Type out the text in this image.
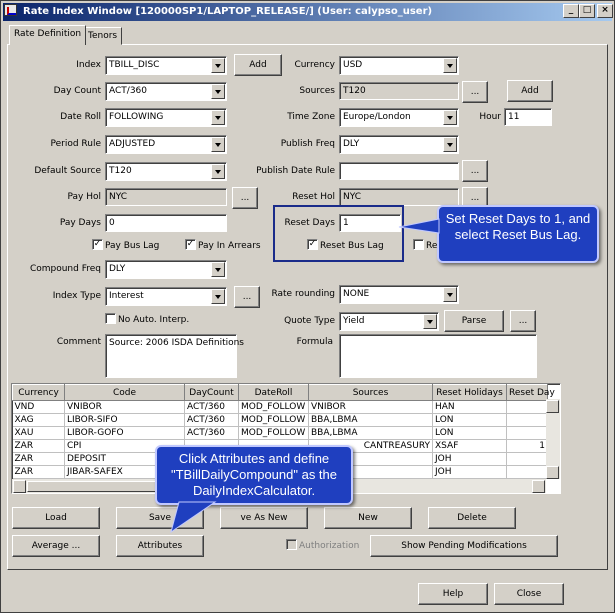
Rate Index Window [120000SP1/LAPTOP_RELEASE/] (User: calypso_user)	_	□	×
Rate Definition Tenors
Index TBILL_DISC	Add	Currency USD
Day Count ACT/360	Sources T120	...	Add
Date Roll FOLLOWING	Time Zone Europe/London	Hour 11
Period Rule ADJUSTED	Publish Freq DLY
Default Source T120	Publish Date Rule	...
Pay Hol NYC	...	Reset Hol NYC	...
Pay Days 0	Reset Days 1
✓ Pay Bus Lag	✓ Pay In Arrears	✓ Reset Bus Lag	Re
Compound Freq DLY
Index Type Interest	...	Rate rounding NONE
No Auto. Interp.	Quote Type Yield	Parse	...
Comment Source: 2006 ISDA Definitions	Formula
Currency	Code	DayCount	DateRoll	Sources	Reset Holidays	Reset Day
VND	VNIBOR	ACT/360	MOD_FOLLOW	VNIBOR	HAN	
XAG	LIBOR-SIFO	ACT/360	MOD_FOLLOW	BBA,LBMA	LON	
XAU	LIBOR-GOFO	ACT/360	MOD_FOLLOW	BBA,LBMA	LON	
ZAR	CPI			CANTREASURY	XSAF	1
ZAR	DEPOSIT				JOH	
ZAR	JIBAR-SAFEX				JOH	
Load	Save	ve As New	New	Delete
Average ...	Attributes	Authorization	Show Pending Modifications
Help	Close
Set Reset Days to 1, and select Reset Bus Lag.
Click Attributes and define "TBillDailyCompound" as the DailyIndexCalculator.
